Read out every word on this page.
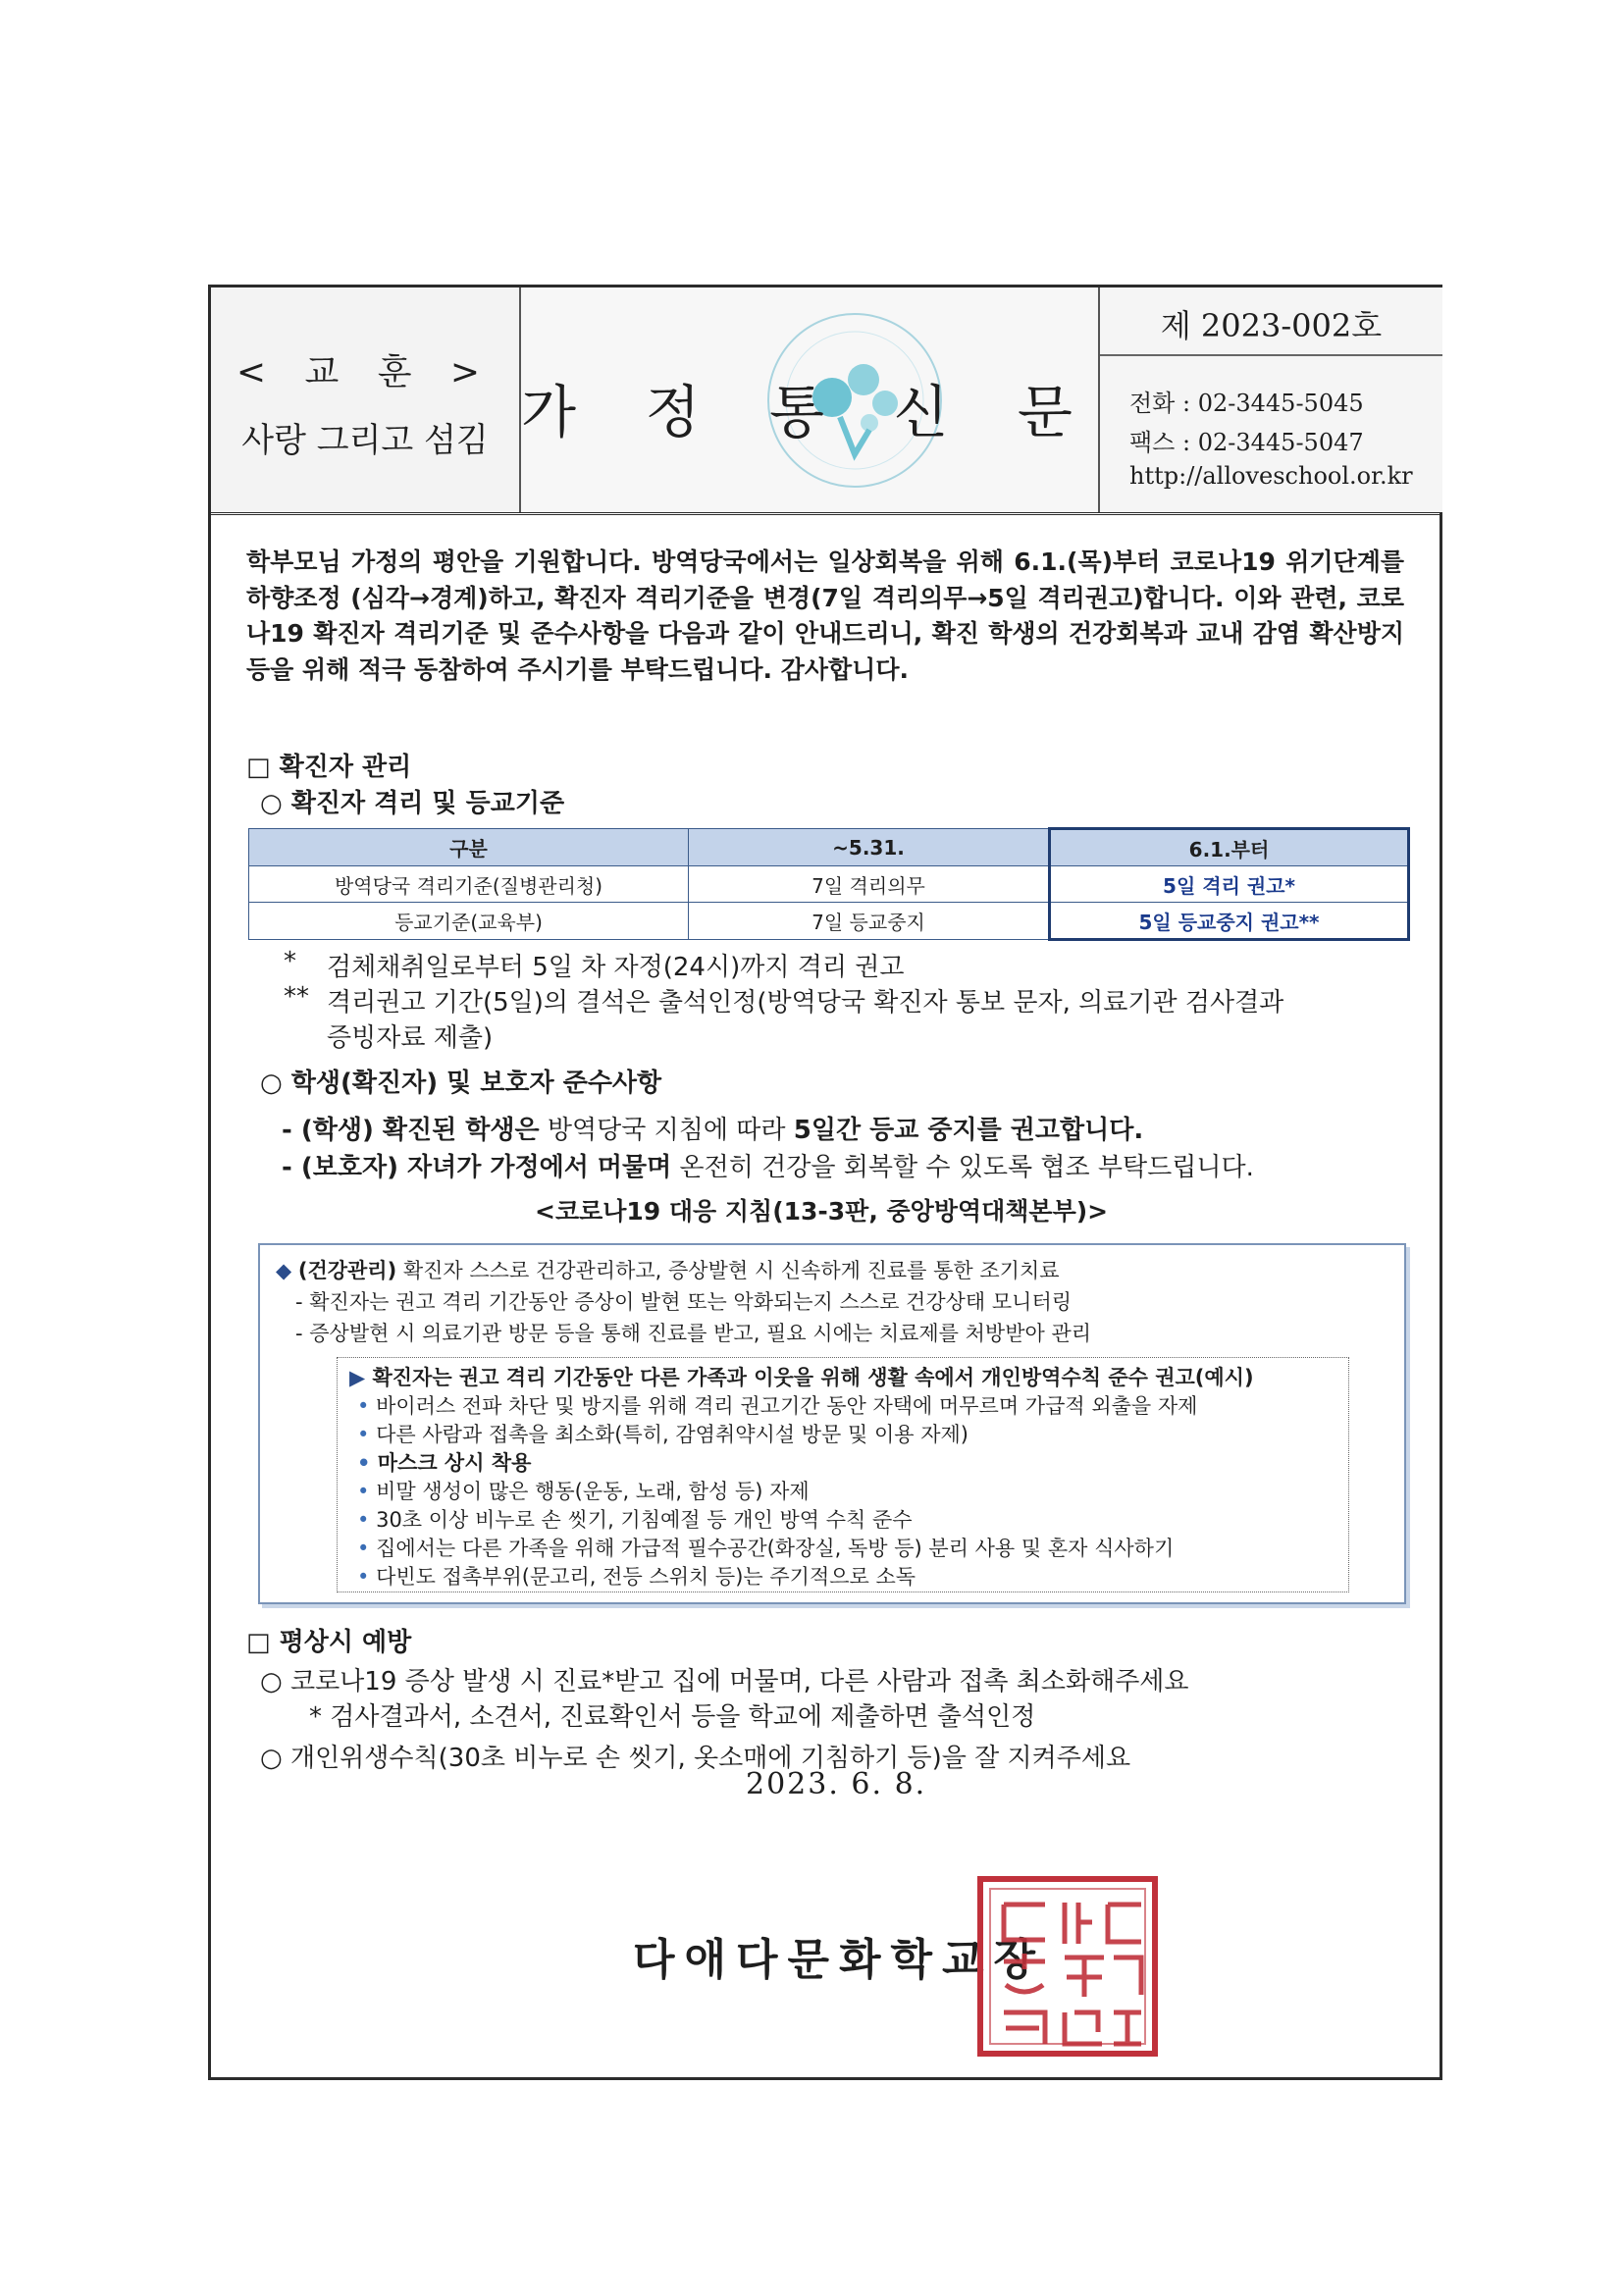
< 교 훈 >
사랑 그리고 섬김 가 정 통 신 문
제 2023-002호
전화 : 02-3445-5045
팩스 : 02-3445-5047
http://alloveschool.or.kr
학부모님 가정의 평안을 기원합니다. 방역당국에서는 일상회복을 위해 6.1.(목)부터 코로나19 위기단계를 하향조정 (심각→경계)하고, 확진자 격리기준을 변경(7일 격리의무→5일 격리권고)합니다. 이와 관련, 코로나19 확진자 격리기준 및 준수사항을 다음과 같이 안내드리니, 확진 학생의 건강회복과 교내 감염 확산방지 등을 위해 적극 동참하여 주시기를 부탁드립니다. 감사합니다.
□ 확진자 관리
○ 확진자 격리 및 등교기준
구분	~5.31.	6.1.부터
방역당국 격리기준(질병관리청)	7일 격리의무	5일 격리 권고*
등교기준(교육부)	7일 등교중지	5일 등교중지 권고**
* 검체채취일로부터 5일 차 자정(24시)까지 격리 권고
** 격리권고 기간(5일)의 결석은 출석인정(방역당국 확진자 통보 문자, 의료기관 검사결과
증빙자료 제출)
○ 학생(확진자) 및 보호자 준수사항
- (학생) 확진된 학생은 방역당국 지침에 따라 5일간 등교 중지를 권고합니다.
- (보호자) 자녀가 가정에서 머물며 온전히 건강을 회복할 수 있도록 협조 부탁드립니다.
<코로나19 대응 지침(13-3판, 중앙방역대책본부)>
◆ (건강관리) 확진자 스스로 건강관리하고, 증상발현 시 신속하게 진료를 통한 조기치료
- 확진자는 권고 격리 기간동안 증상이 발현 또는 악화되는지 스스로 건강상태 모니터링
- 증상발현 시 의료기관 방문 등을 통해 진료를 받고, 필요 시에는 치료제를 처방받아 관리
▶ 확진자는 권고 격리 기간동안 다른 가족과 이웃을 위해 생활 속에서 개인방역수칙 준수 권고(예시)
• 바이러스 전파 차단 및 방지를 위해 격리 권고기간 동안 자택에 머무르며 가급적 외출을 자제
• 다른 사람과 접촉을 최소화(특히, 감염취약시설 방문 및 이용 자제)
• 마스크 상시 착용
• 비말 생성이 많은 행동(운동, 노래, 함성 등) 자제
• 30초 이상 비누로 손 씻기, 기침예절 등 개인 방역 수칙 준수
• 집에서는 다른 가족을 위해 가급적 필수공간(화장실, 독방 등) 분리 사용 및 혼자 식사하기
• 다빈도 접촉부위(문고리, 전등 스위치 등)는 주기적으로 소독
□ 평상시 예방
○ 코로나19 증상 발생 시 진료*받고 집에 머물며, 다른 사람과 접촉 최소화해주세요
* 검사결과서, 소견서, 진료확인서 등을 학교에 제출하면 출석인정
○ 개인위생수칙(30초 비누로 손 씻기, 옷소매에 기침하기 등)을 잘 지켜주세요
2023. 6. 8.
다애다문화학교장
